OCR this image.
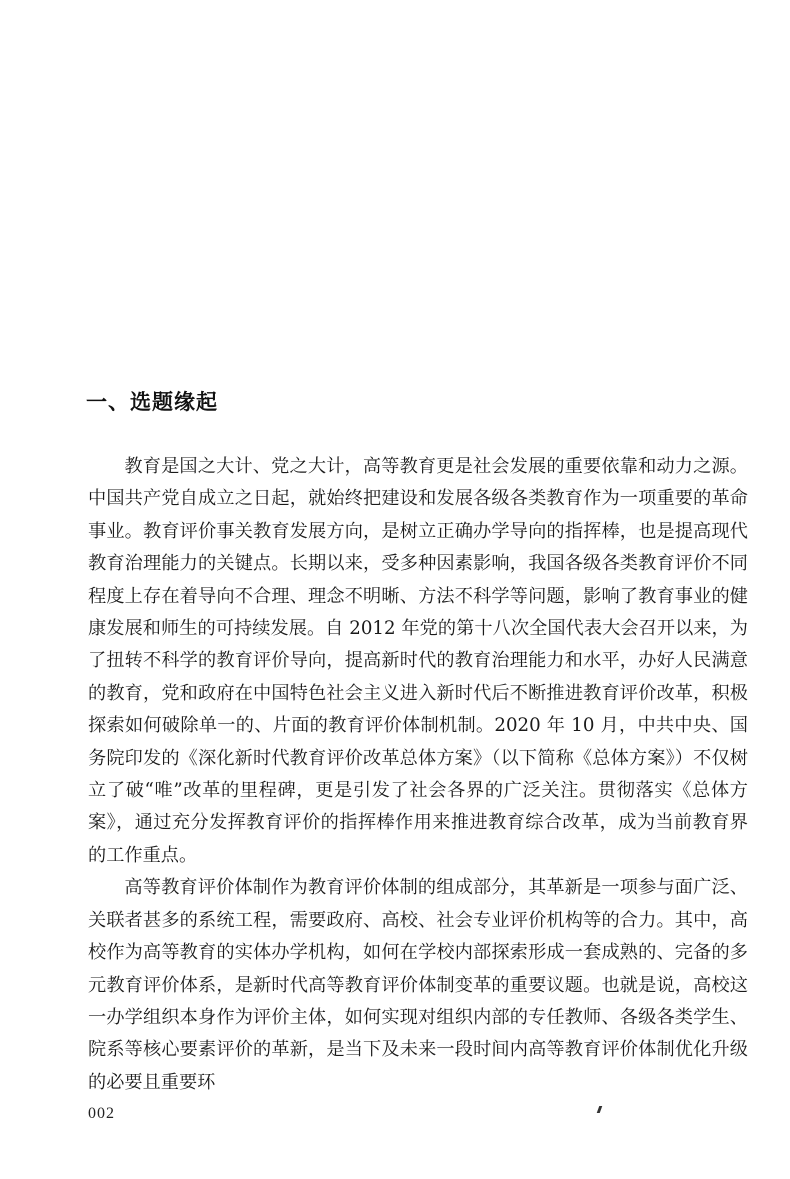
一、选题缘起

教育是国之大计、党之大计，高等教育更是社会发展的重要依靠和动力之源。中国共产党自成立之日起，就始终把建设和发展各级各类教育作为一项重要的革命事业。教育评价事关教育发展方向，是树立正确办学导向的指挥棒，也是提高现代教育治理能力的关键点。长期以来，受多种因素影响，我国各级各类教育评价不同程度上存在着导向不合理、理念不明晰、方法不科学等问题，影响了教育事业的健康发展和师生的可持续发展。自 2012 年党的第十八次全国代表大会召开以来，为了扭转不科学的教育评价导向，提高新时代的教育治理能力和水平，办好人民满意的教育，党和政府在中国特色社会主义进入新时代后不断推进教育评价改革，积极探索如何破除单一的、片面的教育评价体制机制。2020 年 10 月，中共中央、国务院印发的《深化新时代教育评价改革总体方案》（以下简称《总体方案》）不仅树立了破“唯”改革的里程碑，更是引发了社会各界的广泛关注。贯彻落实《总体方案》，通过充分发挥教育评价的指挥棒作用来推进教育综合改革，成为当前教育界的工作重点。

高等教育评价体制作为教育评价体制的组成部分，其革新是一项参与面广泛、关联者甚多的系统工程，需要政府、高校、社会专业评价机构等的合力。其中，高校作为高等教育的实体办学机构，如何在学校内部探索形成一套成熟的、完备的多元教育评价体系，是新时代高等教育评价体制变革的重要议题。也就是说，高校这一办学组织本身作为评价主体，如何实现对组织内部的专任教师、各级各类学生、院系等核心要素评价的革新，是当下及未来一段时间内高等教育评价体制优化升级的必要且重要环

002
